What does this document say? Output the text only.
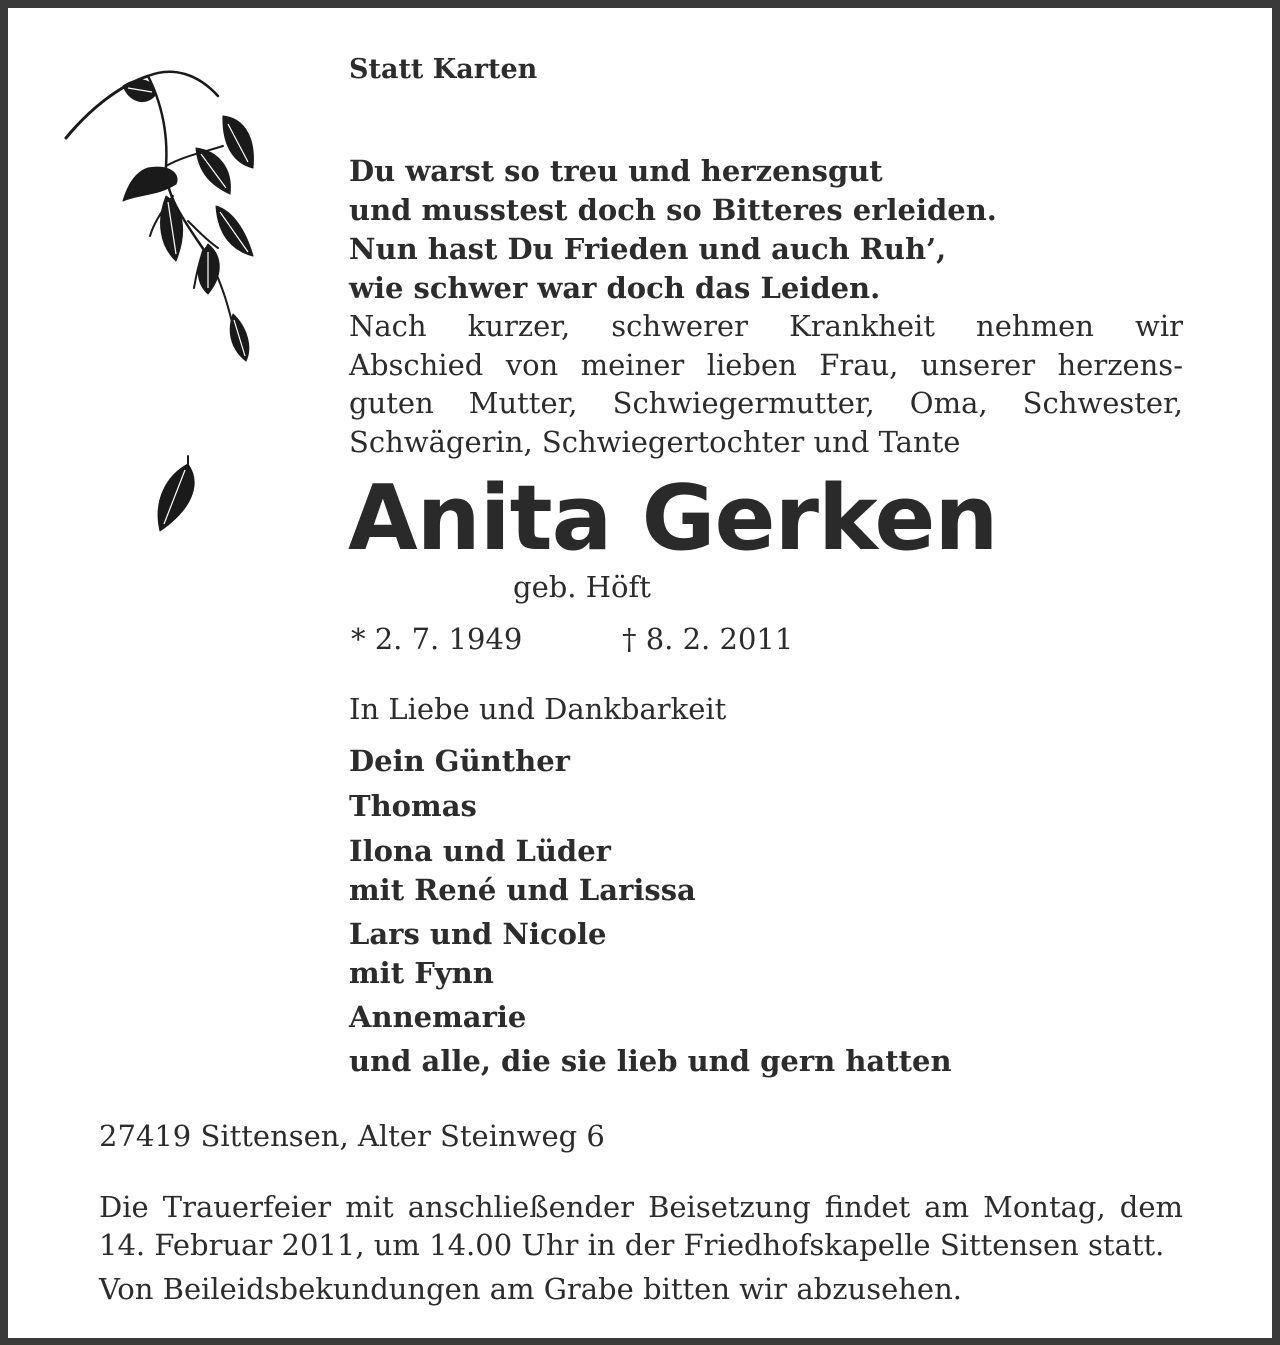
Statt Karten

Du warst so treu und herzensgut
und musstest doch so Bitteres erleiden.
Nun hast Du Frieden und auch Ruh’,
wie schwer war doch das Leiden.
Nach kurzer, schwerer Krankheit nehmen wir
Abschied von meiner lieben Frau, unserer herzens-
guten Mutter, Schwiegermutter, Oma, Schwester,
Schwägerin, Schwiegertochter und Tante

Anita Gerken

geb. Höft

* 2. 7. 1949	† 8. 2. 2011

In Liebe und Dankbarkeit

Dein Günther
Thomas
Ilona und Lüder
mit René und Larissa
Lars und Nicole
mit Fynn
Annemarie
und alle, die sie lieb und gern hatten

27419 Sittensen, Alter Steinweg 6

Die Trauerfeier mit anschließender Beisetzung findet am Montag, dem
14. Februar 2011, um 14.00 Uhr in der Friedhofskapelle Sittensen statt.

Von Beileidsbekundungen am Grabe bitten wir abzusehen.
